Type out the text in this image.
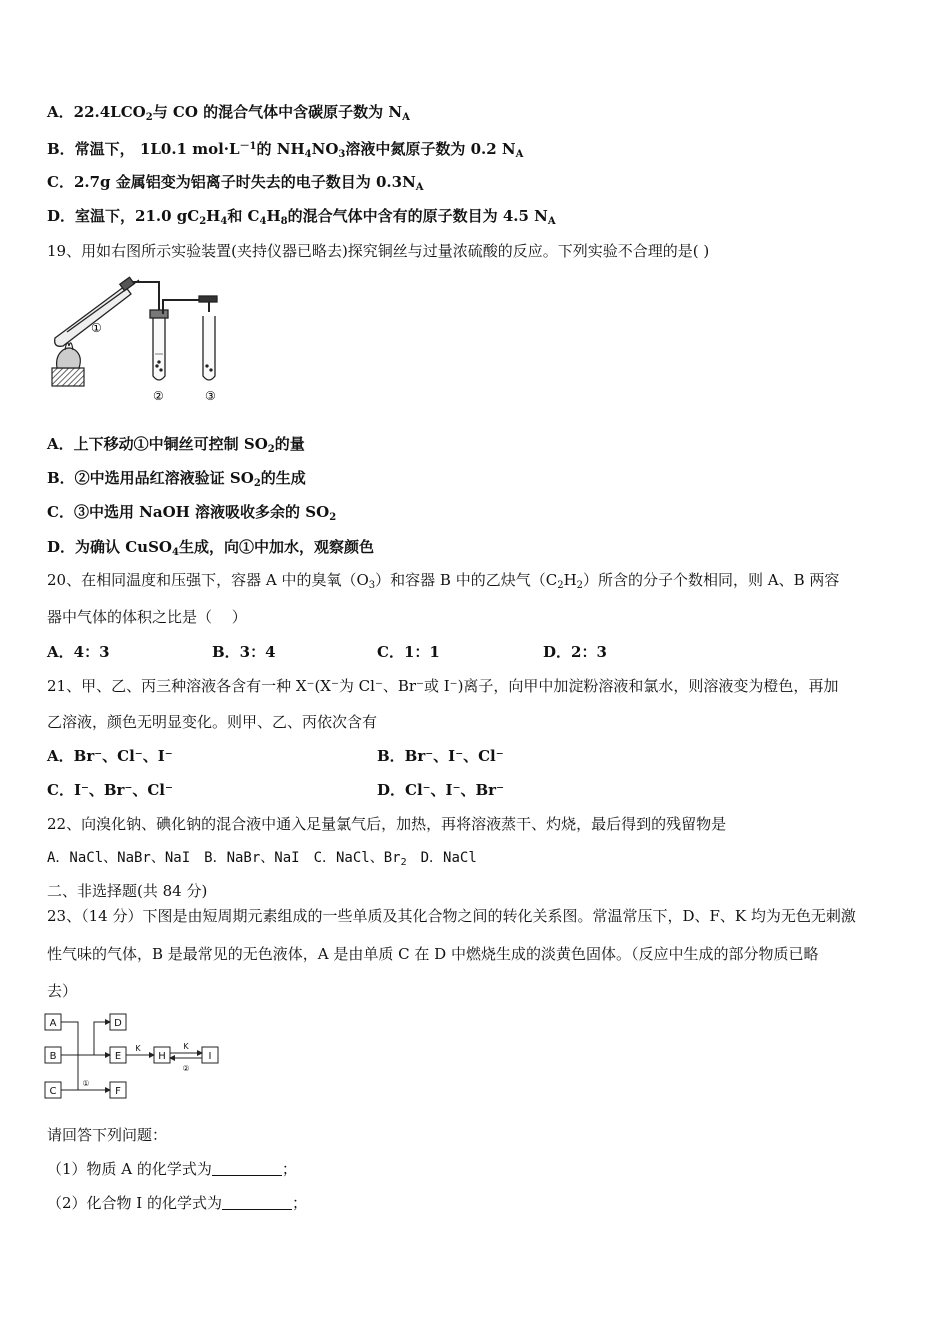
A．$22.4LCO_2$与 CO 的混合气体中含碳原子数为 $N_A$
B．常温下， 1L0.1 $mol\cdot L^{-1}$的 $NH_4NO_3$溶液中氮原子数为 0.2 $N_A$
C．2.7g 金属铝变为铝离子时失去的电子数目为 $0.3N_A$
D．室温下，21.0 $gC_2H_4$和 $C_4H_8$的混合气体中含有的原子数目为 4.5 $N_A$
19、用如右图所示实验装置(夹持仪器已略去)探究铜丝与过量浓硫酸的反应。下列实验不合理的是( )
①
②	③
A．上下移动①中铜丝可控制 $SO_2$的量
B．②中选用品红溶液验证 $SO_2$的生成
C．③中选用 NaOH 溶液吸收多余的 $SO_2$
D．为确认 CuSO$_4$生成，向①中加水，观察颜色
20、在相同温度和压强下，容器 A 中的臭氧$(O_3)$和容器 B 中的乙炔气$(C_2H_2)$所含的分子个数相同，则 A、B 两容
器中气体的体积之比是（　 ）
A．4：3	B．3：4	C．1：1	D．2：3
21、甲、乙、丙三种溶液各含有一种 X⁻(X⁻为 Cl⁻、Br⁻或 I⁻)离子，向甲中加淀粉溶液和氯水，则溶液变为橙色，再加
乙溶液，颜色无明显变化。则甲、乙、丙依次含有
A．Br⁻、Cl⁻、I⁻	B．Br⁻、I⁻、Cl⁻
C．I⁻、Br⁻、Cl⁻	D．Cl⁻、I⁻、Br⁻
22、向溴化钠、碘化钠的混合液中通入足量氯气后，加热，再将溶液蒸干、灼烧，最后得到的残留物是
A．NaCl、NaBr、NaI　B．NaBr、NaI　C．NaCl、$Br_2$　D．NaCl
二、非选择题(共 84 分)
23、（14 分）下图是由短周期元素组成的一些单质及其化合物之间的转化关系图。常温常压下，D、F、K 均为无色无刺激
性气味的气体，B 是最常见的无色液体，A 是由单质 C 在 D 中燃烧生成的淡黄色固体。（反应中生成的部分物质已略
去）
A
B
C
D
E
F
H	I
K	K
①
②
请回答下列问题：
（1）物质 A 的化学式为	；
（2）化合物 I 的化学式为	；
